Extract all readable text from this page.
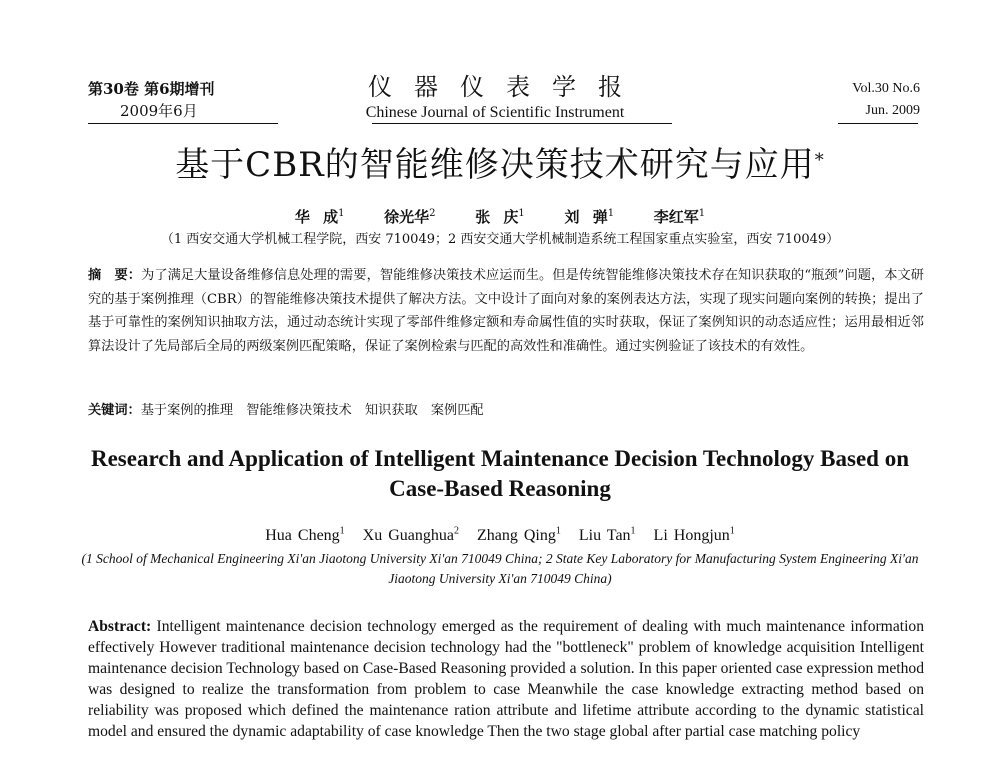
第30卷 第6期增刊
2009年6月
仪器仪表学报
Chinese Journal of Scientific Instrument
Vol.30 No.6
Jun. 2009
基于CBR的智能维修决策技术研究与应用*
华 成$^1$	徐光华$^2$	张 庆$^1$	刘 弹$^1$	李红军$^1$
（1 西安交通大学机械工程学院，西安 710049；2 西安交通大学机械制造系统工程国家重点实验室，西安 710049）
摘　要：为了满足大量设备维修信息处理的需要，智能维修决策技术应运而生。但是传统智能维修决策技术存在知识获取的“瓶颈”问题，本文研究的基于案例推理（CBR）的智能维修决策技术提供了解决方法。文中设计了面向对象的案例表达方法，实现了现实问题向案例的转换；提出了基于可靠性的案例知识抽取方法，通过动态统计实现了零部件维修定额和寿命属性值的实时获取，保证了案例知识的动态适应性；运用最相近邻算法设计了先局部后全局的两级案例匹配策略，保证了案例检索与匹配的高效性和准确性。通过实例验证了该技术的有效性。
关键词：基于案例的推理　智能维修决策技术　知识获取　案例匹配
Research and Application of Intelligent Maintenance Decision Technology Based on Case-Based Reasoning
Hua Cheng$^1$ Xu Guanghua$^2$ Zhang Qing$^1$ Liu Tan$^1$ Li Hongjun$^1$
(1 School of Mechanical Engineering Xi'an Jiaotong University Xi'an 710049 China; 2 State Key Laboratory for Manufacturing System Engineering Xi'an Jiaotong University Xi'an 710049 China)
Abstract: Intelligent maintenance decision technology emerged as the requirement of dealing with much maintenance information effectively However traditional maintenance decision technology had the "bottleneck" problem of knowledge acquisition Intelligent maintenance decision Technology based on Case-Based Reasoning provided a solution. In this paper oriented case expression method was designed to realize the transformation from problem to case Meanwhile the case knowledge extracting method based on reliability was proposed which defined the maintenance ration attribute and lifetime attribute according to the dynamic statistical model and ensured the dynamic adaptability of case knowledge Then the two stage global after partial case matching policy
